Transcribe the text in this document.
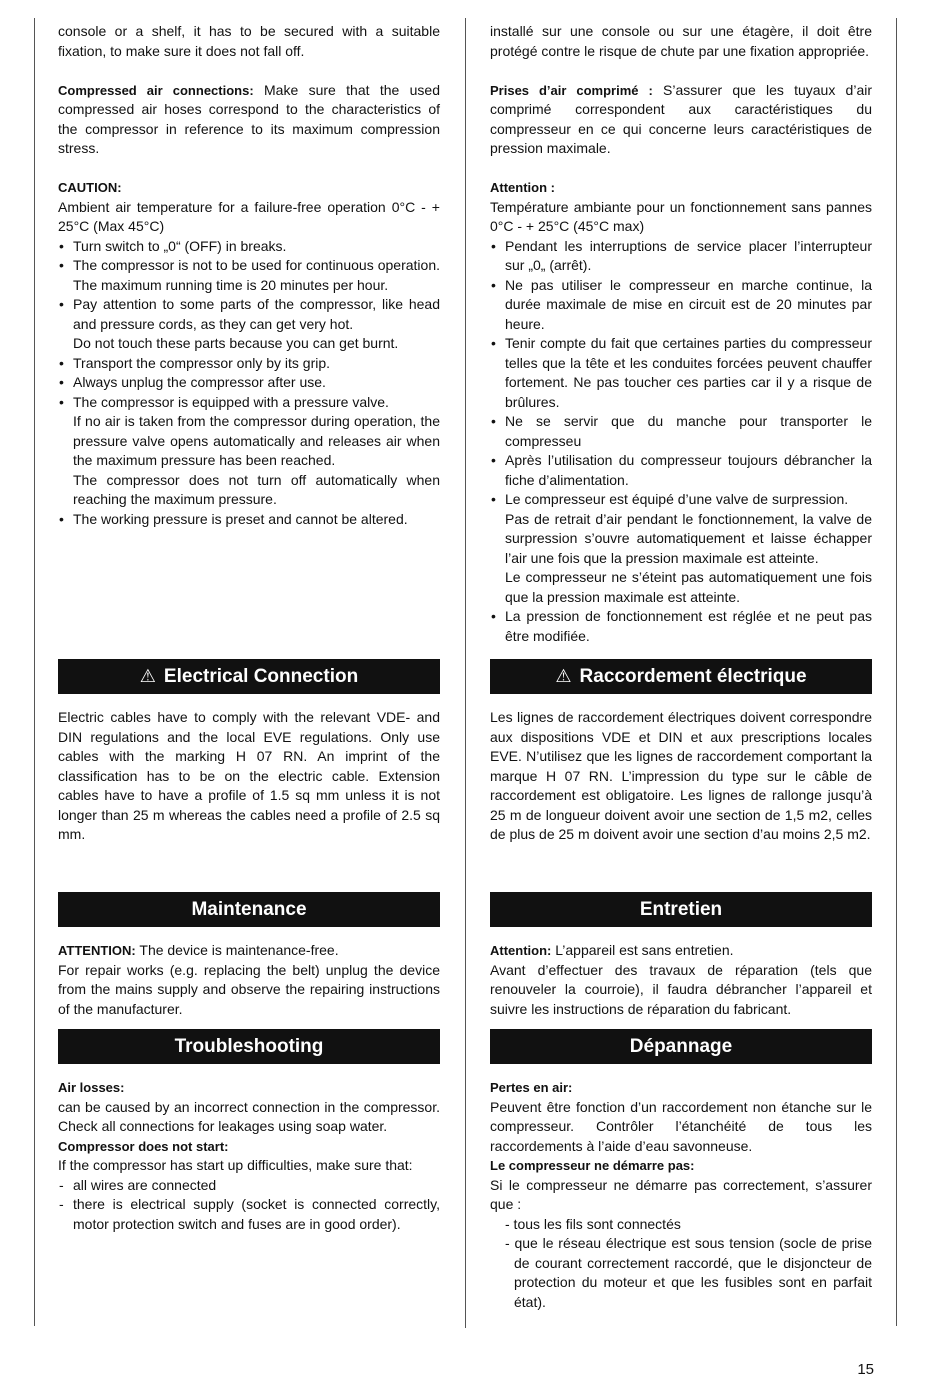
console or a shelf, it has to be secured with a suitable fixation, to make sure it does not fall off.

Compressed air connections: Make sure that the used compressed air hoses correspond to the characteristics of the compressor in reference to its maximum compression stress.

CAUTION:

Ambient air temperature for a failure-free operation 0°C - + 25°C (Max 45°C)

• Turn switch to „0“ (OFF) in breaks.
• The compressor is not to be used for continuous operation. The maximum running time is 20 minutes per hour.
• Pay attention to some parts of the compressor, like head and pressure cords, as they can get very hot.
Do not touch these parts because you can get burnt.
• Transport the compressor only by its grip.
• Always unplug the compressor after use.
• The compressor is equipped with a pressure valve.
If no air is taken from the compressor during operation, the pressure valve opens automatically and releases air when the maximum pressure has been reached.
The compressor does not turn off automatically when reaching the maximum pressure.
• The working pressure is preset and cannot be altered.
⚠ Electrical Connection

Electric cables have to comply with the relevant VDE- and DIN regulations and the local EVE regulations. Only use cables with the marking H 07 RN. An imprint of the classification has to be on the electric cable. Extension cables have to have a profile of 1.5 sq mm unless it is not longer than 25 m whereas the cables need a profile of 2.5 sq mm.

Maintenance

ATTENTION: The device is maintenance-free.

For repair works (e.g. replacing the belt) unplug the device from the mains supply and observe the repairing instructions of the manufacturer.

Troubleshooting

Air losses:

can be caused by an incorrect connection in the compressor. Check all connections for leakages using soap water.

Compressor does not start:

If the compressor has start up difficulties, make sure that:

- all wires are connected
- there is electrical supply (socket is connected correctly, motor protection switch and fuses are in good order).

installé sur une console ou sur une étagère, il doit être protégé contre le risque de chute par une fixation appropriée.

Prises d’air comprimé : S’assurer que les tuyaux d’air comprimé correspondent aux caractéristiques du compresseur en ce qui concerne leurs caractéristiques de pression maximale.

Attention :

Température ambiante pour un fonctionnement sans pannes 0°C - + 25°C (45°C max)

• Pendant les interruptions de service placer l’interrupteur sur „0„ (arrêt).
• Ne pas utiliser le compresseur en marche continue, la durée maximale de mise en circuit est de 20 minutes par heure.
• Tenir compte du fait que certaines parties du compresseur telles que la tête et les conduites forcées peuvent chauffer fortement. Ne pas toucher ces parties car il y a risque de brûlures.
• Ne se servir que du manche pour transporter le compresseu
• Après l’utilisation du compresseur toujours débrancher la fiche d’alimentation.
• Le compresseur est équipé d’une valve de surpression.
Pas de retrait d’air pendant le fonctionnement, la valve de surpression s’ouvre automatiquement et laisse échapper l’air une fois que la pression maximale est atteinte.
Le compresseur ne s’éteint pas automatiquement une fois que la pression maximale est atteinte.
• La pression de fonctionnement est réglée et ne peut pas être modifiée.
⚠ Raccordement électrique

Les lignes de raccordement électriques doivent correspondre aux dispositions VDE et DIN et aux prescriptions locales EVE. N’utilisez que les lignes de raccordement comportant la marque H 07 RN. L’impression du type sur le câble de raccordement est obligatoire. Les lignes de rallonge jusqu’à 25 m de longueur doivent avoir une section de 1,5 m2, celles de plus de 25 m doivent avoir une section d’au moins 2,5 m2.

Entretien

Attention: L’appareil est sans entretien.

Avant d’effectuer des travaux de réparation (tels que renouveler la courroie), il faudra débrancher l’appareil et suivre les instructions de réparation du fabricant.

Dépannage

Pertes en air:

Peuvent être fonction d’un raccordement non étanche sur le compresseur. Contrôler l’étanchéité de tous les raccordements à l’aide d’eau savonneuse.

Le compresseur ne démarre pas:

Si le compresseur ne démarre pas correctement, s’assurer que :

- tous les fils sont connectés

- que le réseau électrique est sous tension (socle de prise de courant correctement raccordé, que le disjoncteur de protection du moteur et que les fusibles sont en parfait état).

15
